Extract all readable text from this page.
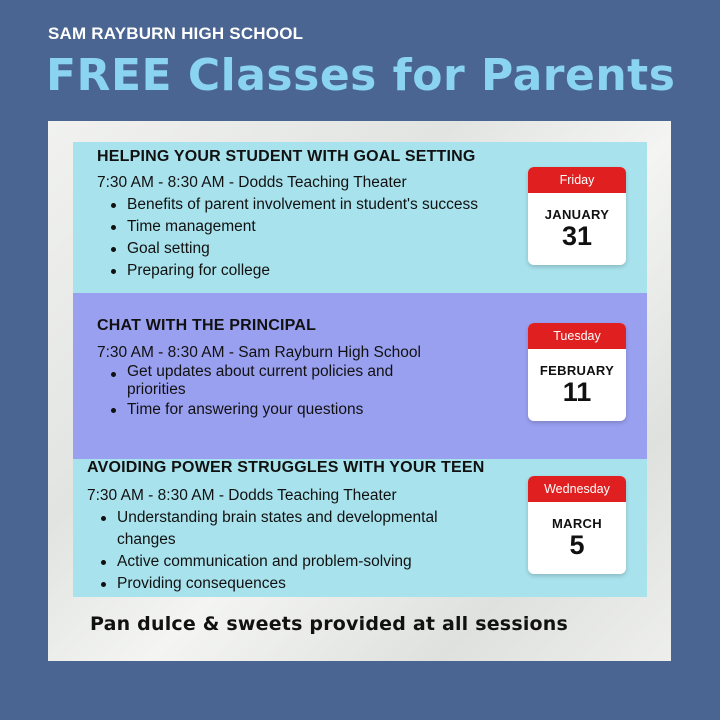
SAM RAYBURN HIGH SCHOOL
FREE Classes for Parents
HELPING YOUR STUDENT WITH GOAL SETTING
7:30 AM - 8:30 AM - Dodds Teaching Theater
Benefits of parent involvement in student's success
Time management
Goal setting
Preparing for college
Friday
JANUARY
31
CHAT WITH THE PRINCIPAL
7:30 AM - 8:30 AM - Sam Rayburn High School
Get updates about current policies and priorities
Time for answering your questions
Tuesday
FEBRUARY
11
AVOIDING POWER STRUGGLES WITH YOUR TEEN
7:30 AM - 8:30 AM - Dodds Teaching Theater
Understanding brain states and developmental changes
Active communication and problem-solving
Providing consequences
Wednesday
MARCH
5
Pan dulce & sweets provided at all sessions
